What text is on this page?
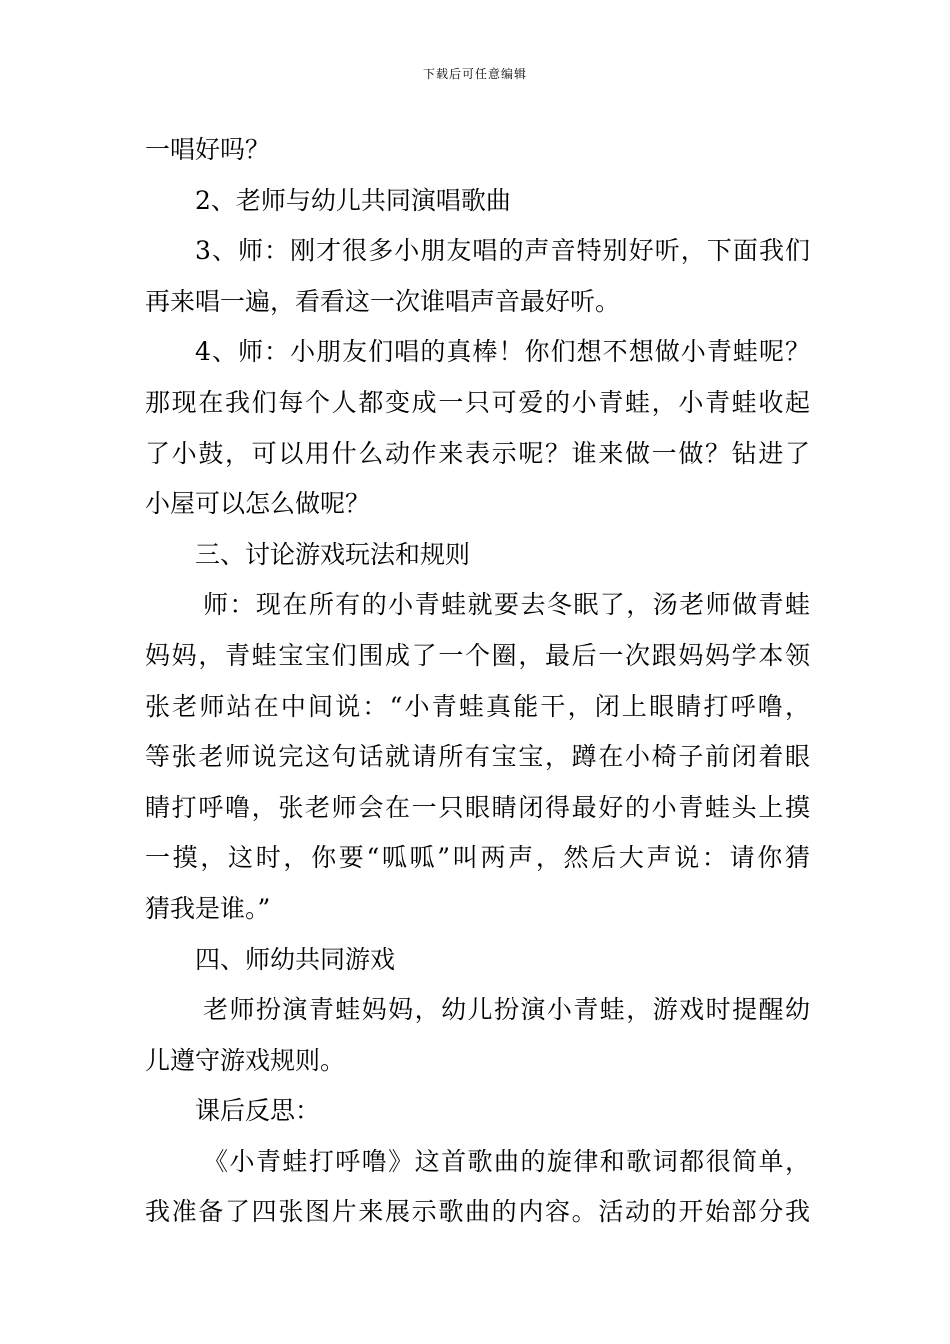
下载后可任意编辑
一唱好吗？
2、老师与幼儿共同演唱歌曲
3、师：刚才很多小朋友唱的声音特别好听，下面我们
再来唱一遍，看看这一次谁唱声音最好听。
4、师：小朋友们唱的真棒！你们想不想做小青蛙呢？
那现在我们每个人都变成一只可爱的小青蛙，小青蛙收起
了小鼓，可以用什么动作来表示呢？谁来做一做？钻进了
小屋可以怎么做呢？
三、讨论游戏玩法和规则
师：现在所有的小青蛙就要去冬眠了，汤老师做青蛙
妈妈，青蛙宝宝们围成了一个圈，最后一次跟妈妈学本领
张老师站在中间说：“小青蛙真能干，闭上眼睛打呼噜，
等张老师说完这句话就请所有宝宝，蹲在小椅子前闭着眼
睛打呼噜，张老师会在一只眼睛闭得最好的小青蛙头上摸
一摸，这时，你要“呱呱”叫两声，然后大声说：请你猜
猜我是谁。”
四、师幼共同游戏
老师扮演青蛙妈妈，幼儿扮演小青蛙，游戏时提醒幼
儿遵守游戏规则。
课后反思：
《小青蛙打呼噜》这首歌曲的旋律和歌词都很简单，
我准备了四张图片来展示歌曲的内容。活动的开始部分我
